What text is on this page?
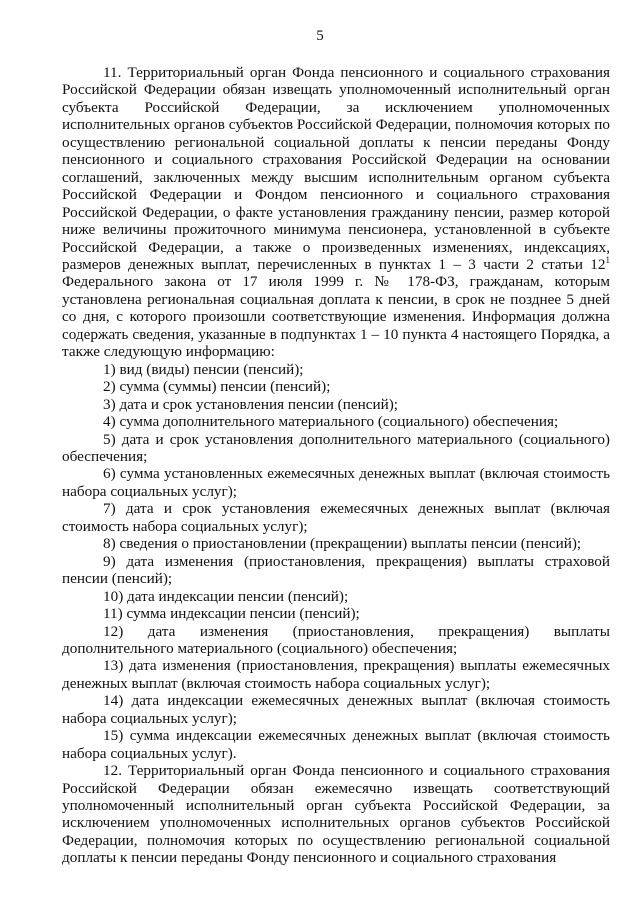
5

11. Территориальный орган Фонда пенсионного и социального страхования Российской Федерации обязан извещать уполномоченный исполнительный орган субъекта Российской Федерации, за исключением уполномоченных исполнительных органов субъектов Российской Федерации, полномочия которых по осуществлению региональной социальной доплаты к пенсии переданы Фонду пенсионного и социального страхования Российской Федерации на основании соглашений, заключенных между высшим исполнительным органом субъекта Российской Федерации и Фондом пенсионного и социального страхования Российской Федерации, о факте установления гражданину пенсии, размер которой ниже величины прожиточного минимума пенсионера, установленной в субъекте Российской Федерации, а также о произведенных изменениях, индексациях, размеров денежных выплат, перечисленных в пунктах 1 – 3 части 2 статьи $12^1$ Федерального закона от 17 июля 1999 г. № 178-ФЗ, гражданам, которым установлена региональная социальная доплата к пенсии, в срок не позднее 5 дней со дня, с которого произошли соответствующие изменения. Информация должна содержать сведения, указанные в подпунктах 1 – 10 пункта 4 настоящего Порядка, а также следующую информацию:

1) вид (виды) пенсии (пенсий);

2) сумма (суммы) пенсии (пенсий);

3) дата и срок установления пенсии (пенсий);

4) сумма дополнительного материального (социального) обеспечения;

5) дата и срок установления дополнительного материального (социального) обеспечения;

6) сумма установленных ежемесячных денежных выплат (включая стоимость набора социальных услуг);

7) дата и срок установления ежемесячных денежных выплат (включая стоимость набора социальных услуг);

8) сведения о приостановлении (прекращении) выплаты пенсии (пенсий);

9) дата изменения (приостановления, прекращения) выплаты страховой пенсии (пенсий);

10) дата индексации пенсии (пенсий);

11) сумма индексации пенсии (пенсий);

12) дата изменения (приостановления, прекращения) выплаты дополнительного материального (социального) обеспечения;

13) дата изменения (приостановления, прекращения) выплаты ежемесячных денежных выплат (включая стоимость набора социальных услуг);

14) дата индексации ежемесячных денежных выплат (включая стоимость набора социальных услуг);

15) сумма индексации ежемесячных денежных выплат (включая стоимость набора социальных услуг).

12. Территориальный орган Фонда пенсионного и социального страхования Российской Федерации обязан ежемесячно извещать соответствующий уполномоченный исполнительный орган субъекта Российской Федерации, за исключением уполномоченных исполнительных органов субъектов Российской Федерации, полномочия которых по осуществлению региональной социальной доплаты к пенсии переданы Фонду пенсионного и социального страхования
